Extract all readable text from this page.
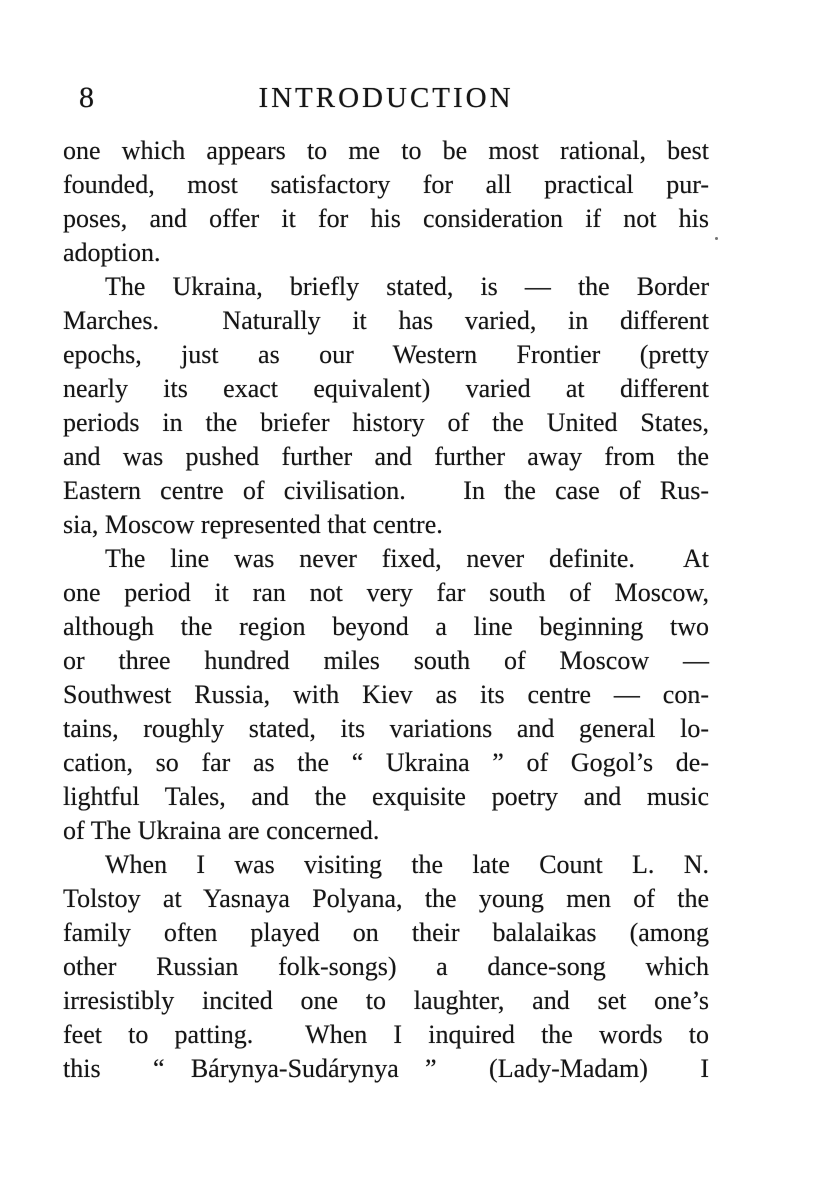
8	INTRODUCTION
one which appears to me to be most rational, best
founded, most satisfactory for all practical pur-
poses, and offer it for his consideration if not his
adoption.
The Ukraina, briefly stated, is — the Border
Marches.  Naturally it has varied, in different
epochs, just as our Western Frontier (pretty
nearly its exact equivalent) varied at different
periods in the briefer history of the United States,
and was pushed further and further away from the
Eastern centre of civilisation.   In the case of Rus-
sia, Moscow represented that centre.
The line was never fixed, never definite.  At
one period it ran not very far south of Moscow,
although the region beyond a line beginning two
or three hundred miles south of Moscow —
Southwest Russia, with Kiev as its centre — con-
tains, roughly stated, its variations and general lo-
cation, so far as the “ Ukraina ” of Gogol’s de-
lightful Tales, and the exquisite poetry and music
of The Ukraina are concerned.
When I was visiting the late Count L. N.
Tolstoy at Yasnaya Polyana, the young men of the
family often played on their balalaikas (among
other Russian folk-songs) a dance-song which
irresistibly incited one to laughter, and set one’s
feet to patting.  When I inquired the words to
this  “ Bárynya-Sudárynya ”  (Lady-Madam)  I
